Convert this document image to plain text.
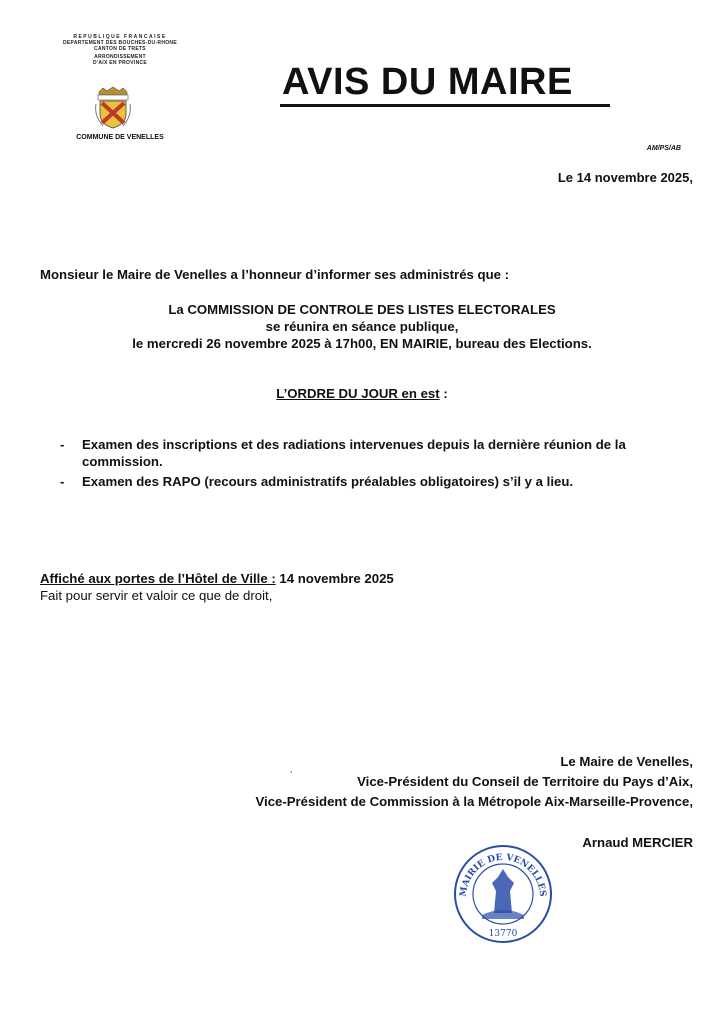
REPUBLIQUE FRANCAISE
DEPARTEMENT DES BOUCHES-DU-RHONE
CANTON DE TRETS
ARRONDISSEMENT
D'AIX EN PROVINCE
COMMUNE DE VENELLES
AVIS DU MAIRE
AM/PS/AB
Le 14 novembre 2025,
Monsieur le Maire de Venelles a l’honneur d’informer ses administrés que :
La COMMISSION DE CONTROLE DES LISTES ELECTORALES
se réunira en séance publique,
le mercredi 26 novembre 2025 à 17h00, EN MAIRIE, bureau des Elections.
L’ORDRE DU JOUR en est :
-	Examen des inscriptions et des radiations intervenues depuis la dernière réunion de la commission.
-	Examen des RAPO (recours administratifs préalables obligatoires) s’il y a lieu.
Affiché aux portes de l’Hôtel de Ville : 14 novembre 2025
Fait pour servir et valoir ce que de droit,
,
Le Maire de Venelles,
Vice-Président du Conseil de Territoire du Pays d’Aix,
Vice-Président de Commission à la Métropole Aix-Marseille-Provence,
Arnaud MERCIER
MAIRIE DE VENELLES
13770
